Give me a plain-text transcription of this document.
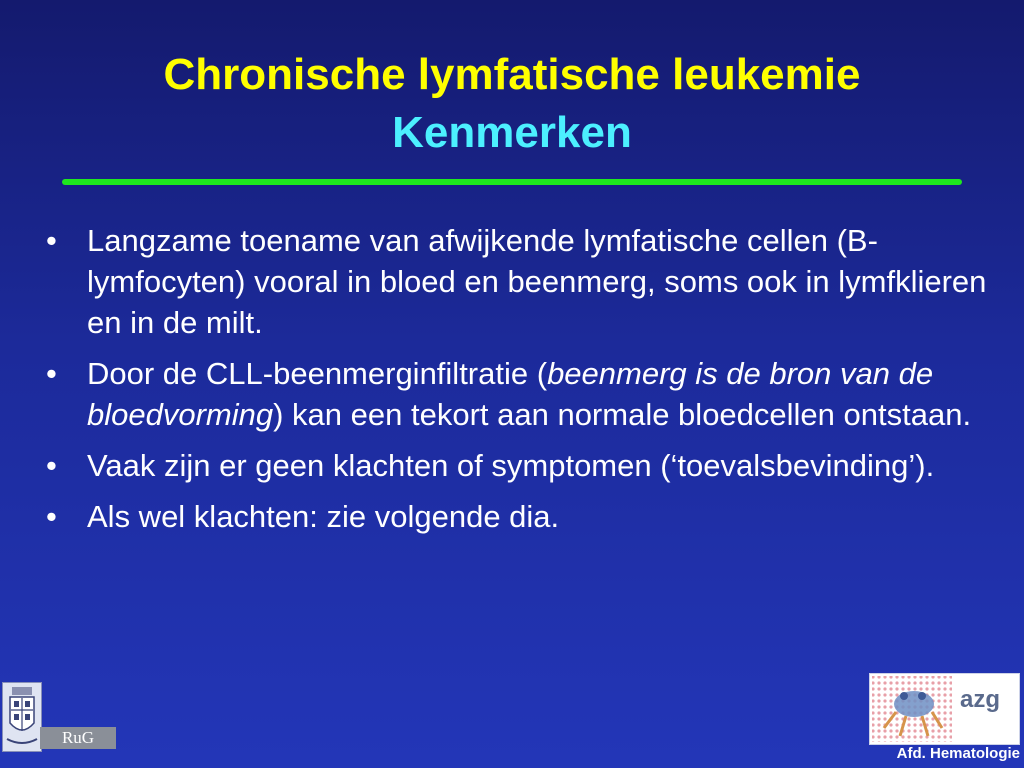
Chronische lymfatische leukemie
Kenmerken
• Langzame toename van afwijkende lymfatische cellen (B-lymfocyten) vooral in bloed en beenmerg, soms ook in lymfklieren en in de milt.
• Door de CLL-beenmerginfiltratie (beenmerg is de bron van de bloedvorming) kan een tekort aan normale bloedcellen ontstaan.
• Vaak zijn er geen klachten of symptomen (‘toevalsbevinding’).
• Als wel klachten: zie volgende dia.
RuG
azg
Afd. Hematologie
